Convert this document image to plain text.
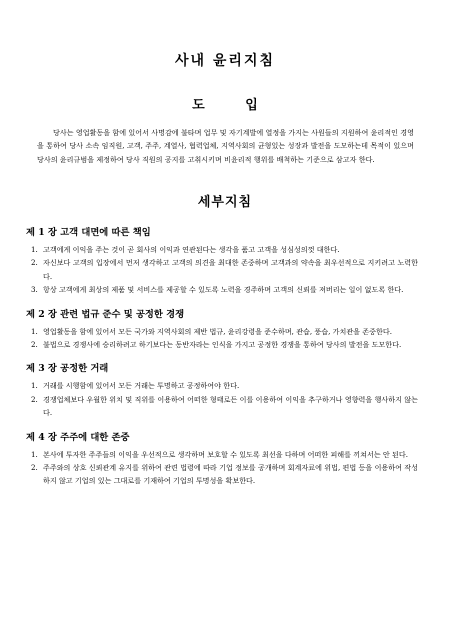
사내 윤리지침
도 입

당사는 영업활동을 함에 있어서 사명감에 불타며 업무 및 자기계발에 열정을 가지는 사원들의 지원하여 윤리적인 경영을 통하여 당사 소속 임직원, 고객, 주주, 계열사, 협력업체, 지역사회의 균형있는 성장과 발전을 도모하는데 목적이 있으며 당사의 윤리규범을 제정하여 당사 직원의 공지를 고취시키며 비윤리적 행위를 배척하는 기준으로 삼고자 한다.

세부지침
제 1 장 고객 대면에 따른 책임
1. 고객에게 이익을 주는 것이 곧 회사의 이익과 연관된다는 생각을 품고 고객을 성심성의껏 대한다.
2. 자신보다 고객의 입장에서 먼저 생각하고 고객의 의견을 최대한 존중하며 고객과의 약속을 최우선적으로 지키려고 노력한다.
3. 항상 고객에게 최상의 제품 및 서비스를 제공할 수 있도록 노력을 경주하며 고객의 신뢰를 져버리는 일이 없도록 한다.
제 2 장 관련 법규 준수 및 공정한 경쟁
1. 영업활동을 함에 있어서 모든 국가와 지역사회의 제반 법규, 윤리강령을 준수하며, 관습, 풍습, 가치관을 존중한다.
2. 불법으로 경쟁사에 승리하려고 하기보다는 동반자라는 인식을 가지고 공정한 경쟁을 통하여 당사의 발전을 도모한다.
제 3 장 공정한 거래
1. 거래를 시행함에 있어서 모든 거래는 투명하고 공정하여야 한다.
2. 경쟁업체보다 우월한 위치 및 직위를 이용하여 어떠한 형태로든 이를 이용하여 이익을 추구하거나 영향력을 행사하지 않는다.
제 4 장 주주에 대한 존중
1. 본사에 투자한 주주들의 이익을 우선적으로 생각하며 보호할 수 있도록 최선을 다하며 어떠한 피해를 끼쳐서는 안 된다.
2. 주주와의 상호 신뢰관계 유지를 위하여 관련 법령에 따라 기업 정보를 공개하며 회계자료에 위법, 편법 등을 이용하여 작성하지 않고 기업의 있는 그대로를 기재하여 기업의 투명성을 확보한다.
